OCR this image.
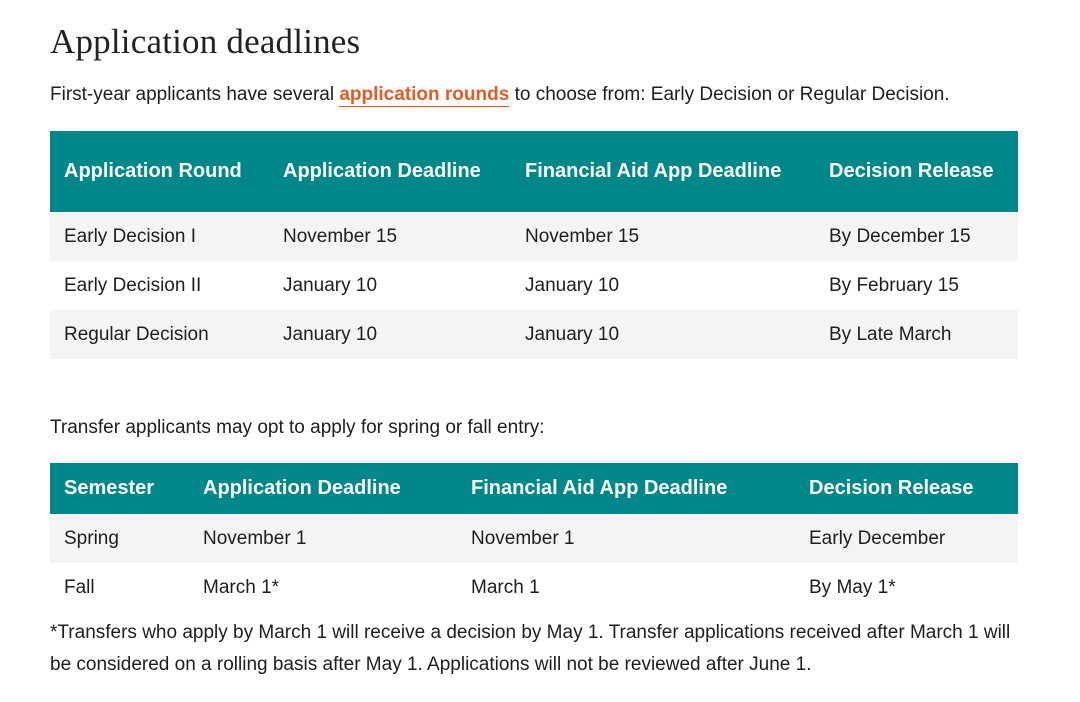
Application deadlines

First-year applicants have several application rounds to choose from: Early Decision or Regular Decision.

Application Round	Application Deadline	Financial Aid App Deadline	Decision Release
Early Decision I	November 15	November 15	By December 15
Early Decision II	January 10	January 10	By February 15
Regular Decision	January 10	January 10	By Late March

Transfer applicants may opt to apply for spring or fall entry:

Semester	Application Deadline	Financial Aid App Deadline	Decision Release
Spring	November 1	November 1	Early December
Fall	March 1*	March 1	By May 1*

*Transfers who apply by March 1 will receive a decision by May 1. Transfer applications received after March 1 will be considered on a rolling basis after May 1. Applications will not be reviewed after June 1.
